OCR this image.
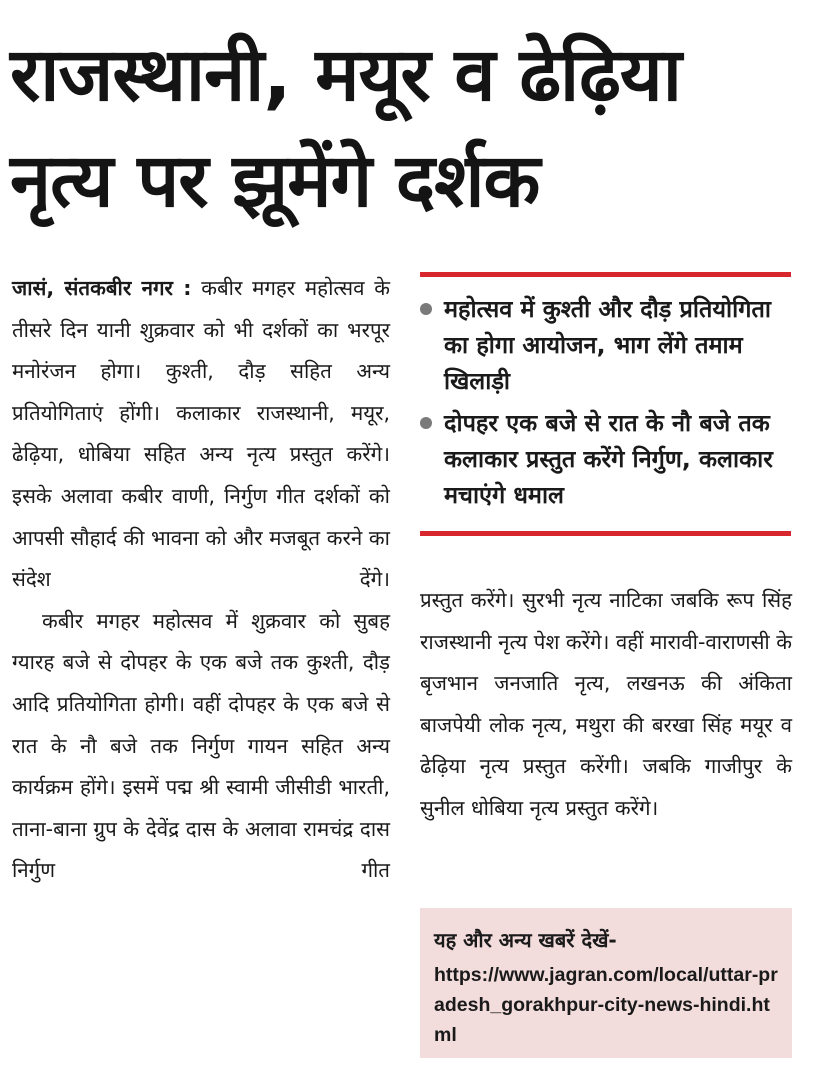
राजस्थानी, मयूर व ढेढ़िया
नृत्य पर झूमेंगे दर्शक

जासं, संतकबीर नगर : कबीर मगहर महोत्सव के तीसरे दिन यानी शुक्रवार को भी दर्शकों का भरपूर मनोरंजन होगा। कुश्ती, दौड़ सहित अन्य प्रतियोगिताएं होंगी। कलाकार राजस्थानी, मयूर, ढेढ़िया, धोबिया सहित अन्य नृत्य प्रस्तुत करेंगे। इसके अलावा कबीर वाणी, निर्गुण गीत दर्शकों को आपसी सौहार्द की भावना को और मजबूत करने का संदेश देंगे।

कबीर मगहर महोत्सव में शुक्रवार को सुबह ग्यारह बजे से दोपहर के एक बजे तक कुश्ती, दौड़ आदि प्रतियोगिता होगी। वहीं दोपहर के एक बजे से रात के नौ बजे तक निर्गुण गायन सहित अन्य कार्यक्रम होंगे। इसमें पद्म श्री स्वामी जीसीडी भारती, ताना-बाना ग्रुप के देवेंद्र दास के अलावा रामचंद्र दास निर्गुण गीत

महोत्सव में कुश्ती और दौड़ प्रतियोगिता का होगा आयोजन, भाग लेंगे तमाम खिलाड़ी
दोपहर एक बजे से रात के नौ बजे तक कलाकार प्रस्तुत करेंगे निर्गुण, कलाकार मचाएंगे धमाल

प्रस्तुत करेंगे। सुरभी नृत्य नाटिका जबकि रूप सिंह राजस्थानी नृत्य पेश करेंगे। वहीं मारावी-वाराणसी के बृजभान जनजाति नृत्य, लखनऊ की अंकिता बाजपेयी लोक नृत्य, मथुरा की बरखा सिंह मयूर व ढेढ़िया नृत्य प्रस्तुत करेंगी। जबकि गाजीपुर के सुनील धोबिया नृत्य प्रस्तुत करेंगे।

यह और अन्य खबरें देखें-
https://www.jagran.com/local/uttar-pradesh_gorakhpur-city-news-hindi.html
